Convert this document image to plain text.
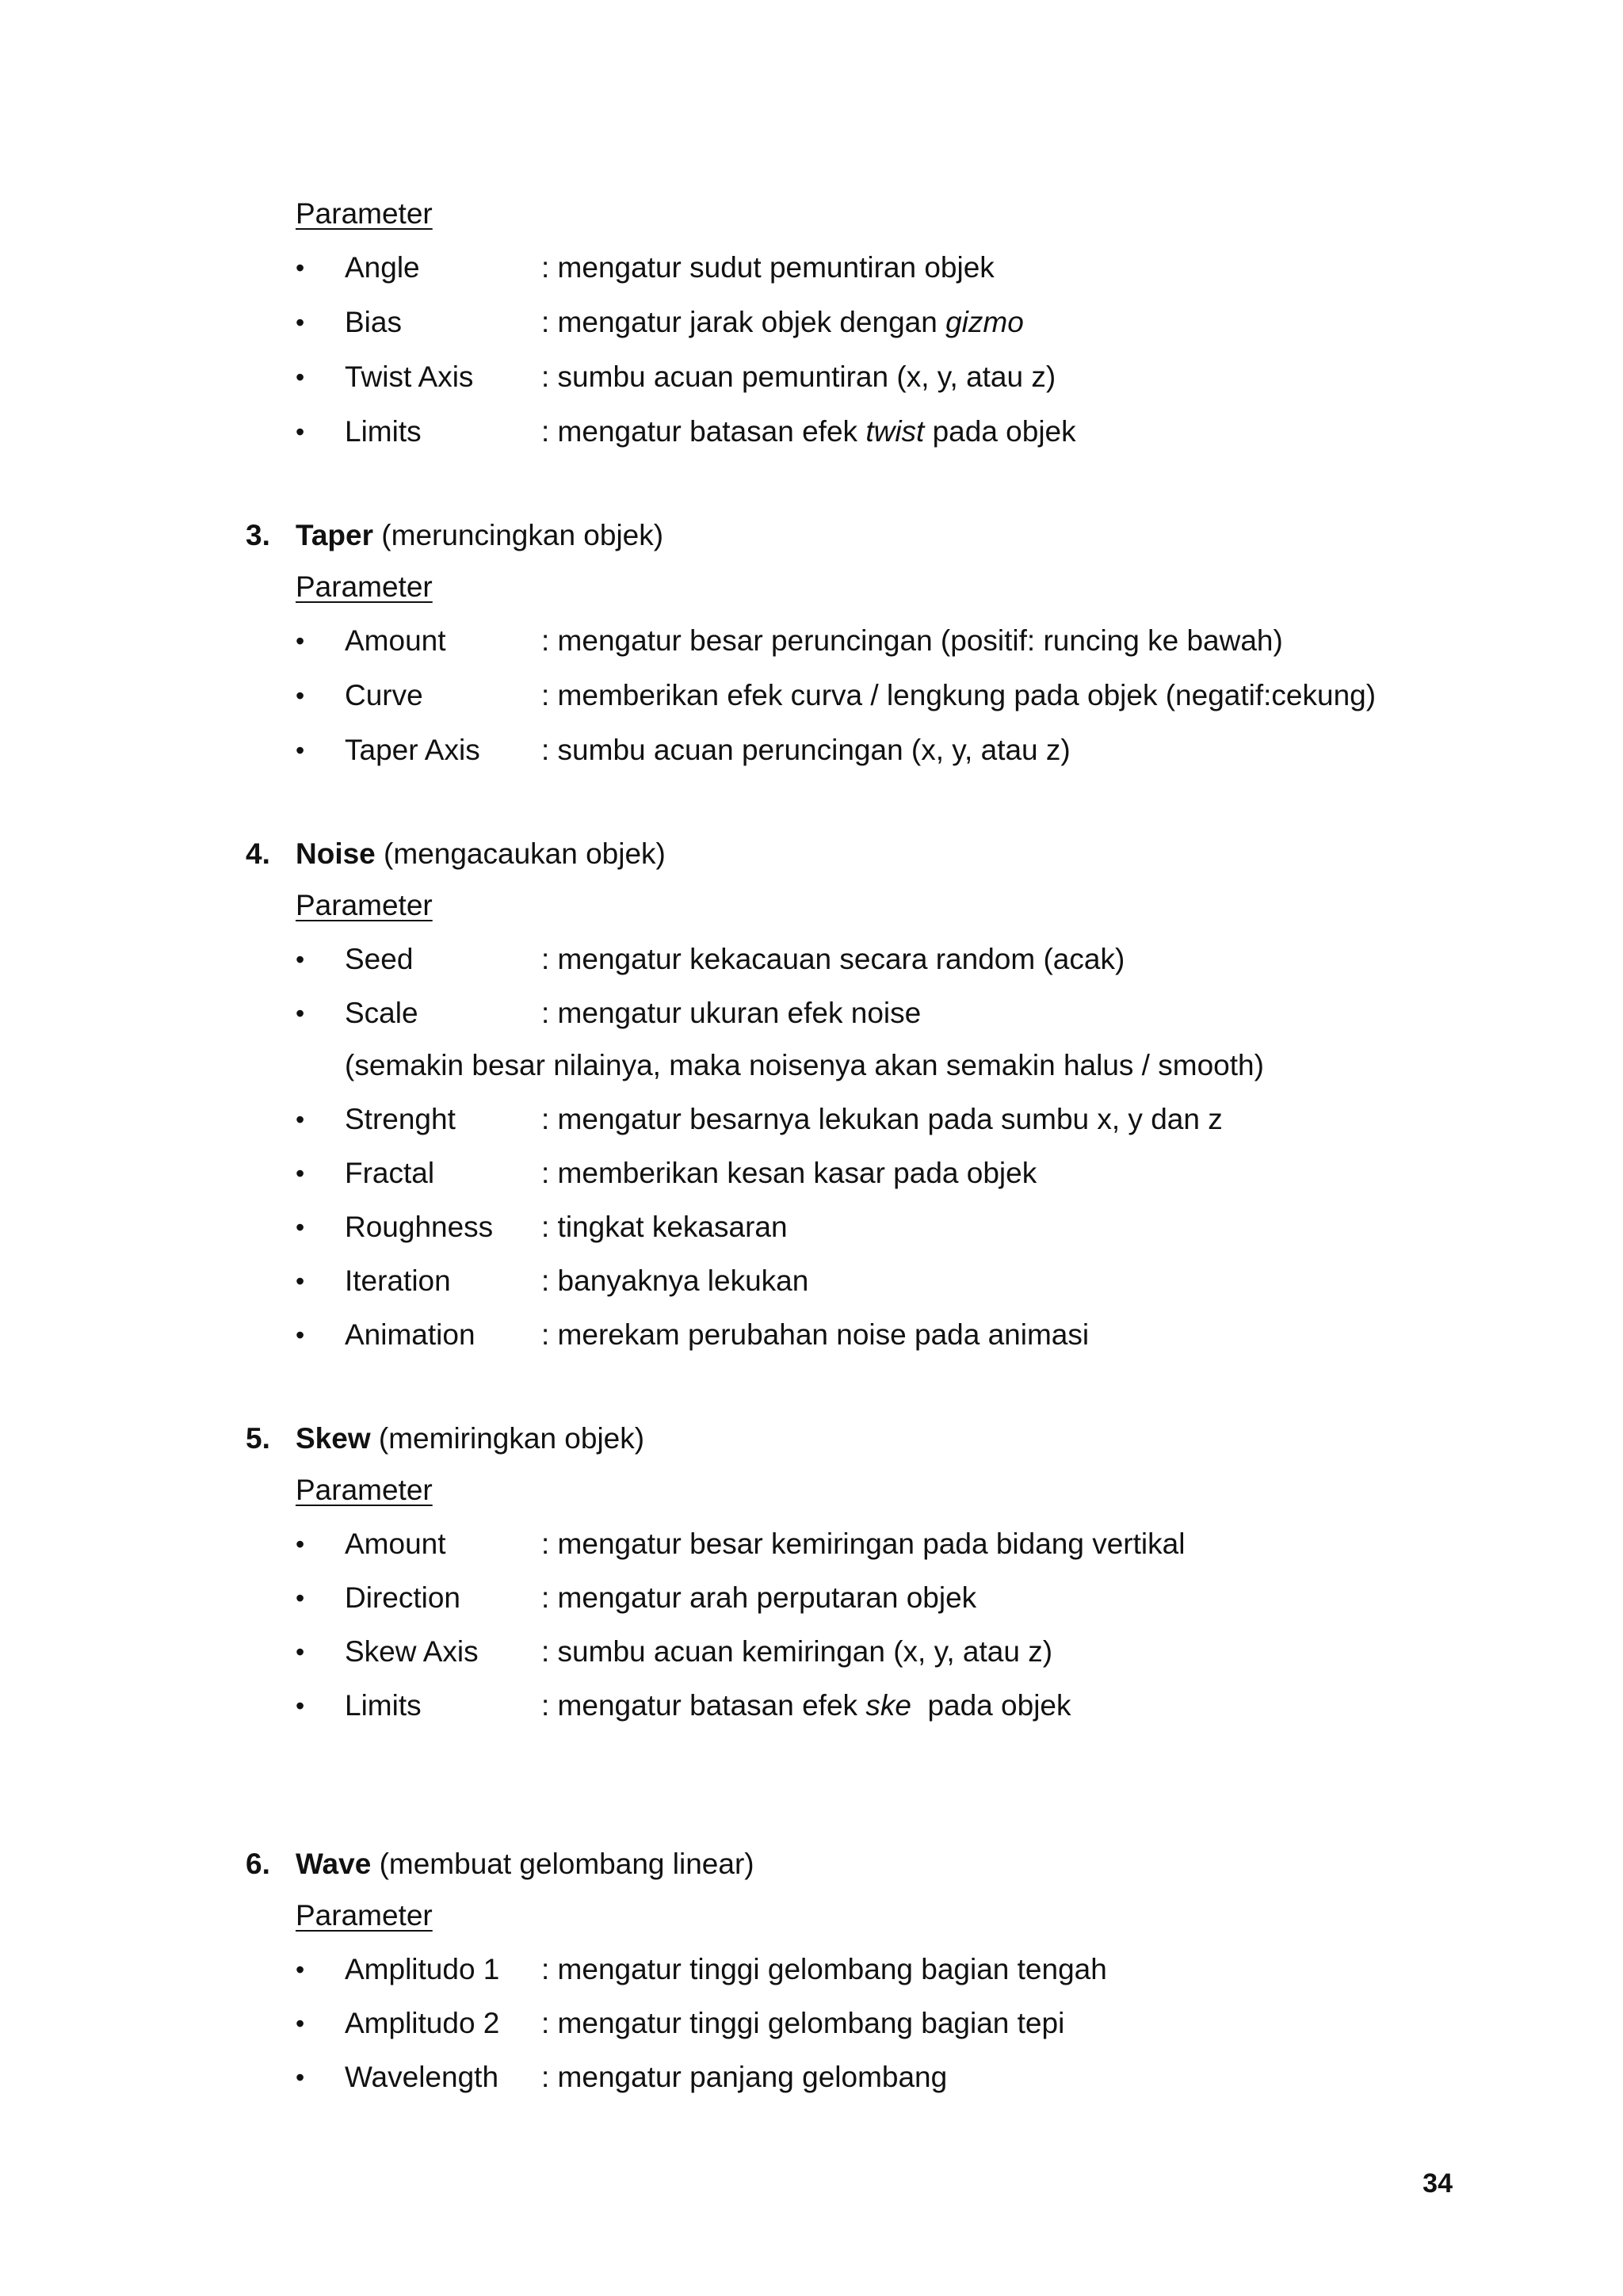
Parameter
•	Angle	: mengatur sudut pemuntiran objek
•	Bias	: mengatur jarak objek dengan gizmo
•	Twist Axis : sumbu acuan pemuntiran (x, y, atau z)
•	Limits	: mengatur batasan efek twist pada objek
3. Taper (meruncingkan objek)
Parameter
•	Amount	: mengatur besar peruncingan (positif: runcing ke bawah)
•	Curve	: memberikan efek curva / lengkung pada objek (negatif:cekung)
•	Taper Axis : sumbu acuan peruncingan (x, y, atau z)
4. Noise (mengacaukan objek)
Parameter
•	Seed	: mengatur kekacauan secara random (acak)
•	Scale	: mengatur ukuran efek noise
(semakin besar nilainya, maka noisenya akan semakin halus / smooth)
•	Strenght	: mengatur besarnya lekukan pada sumbu x, y dan z
•	Fractal	: memberikan kesan kasar pada objek
•	Roughness : tingkat kekasaran
•	Iteration	: banyaknya lekukan
•	Animation : merekam perubahan noise pada animasi
5. Skew (memiringkan objek)
Parameter
•	Amount	: mengatur besar kemiringan pada bidang vertikal
•	Direction	: mengatur arah perputaran objek
•	Skew Axis : sumbu acuan kemiringan (x, y, atau z)
•	Limits	: mengatur batasan efek ske  pada objek
6. Wave (membuat gelombang linear)
Parameter
•	Amplitudo 1 : mengatur tinggi gelombang bagian tengah
•	Amplitudo 2 : mengatur tinggi gelombang bagian tepi
•	Wavelength : mengatur panjang gelombang
34
